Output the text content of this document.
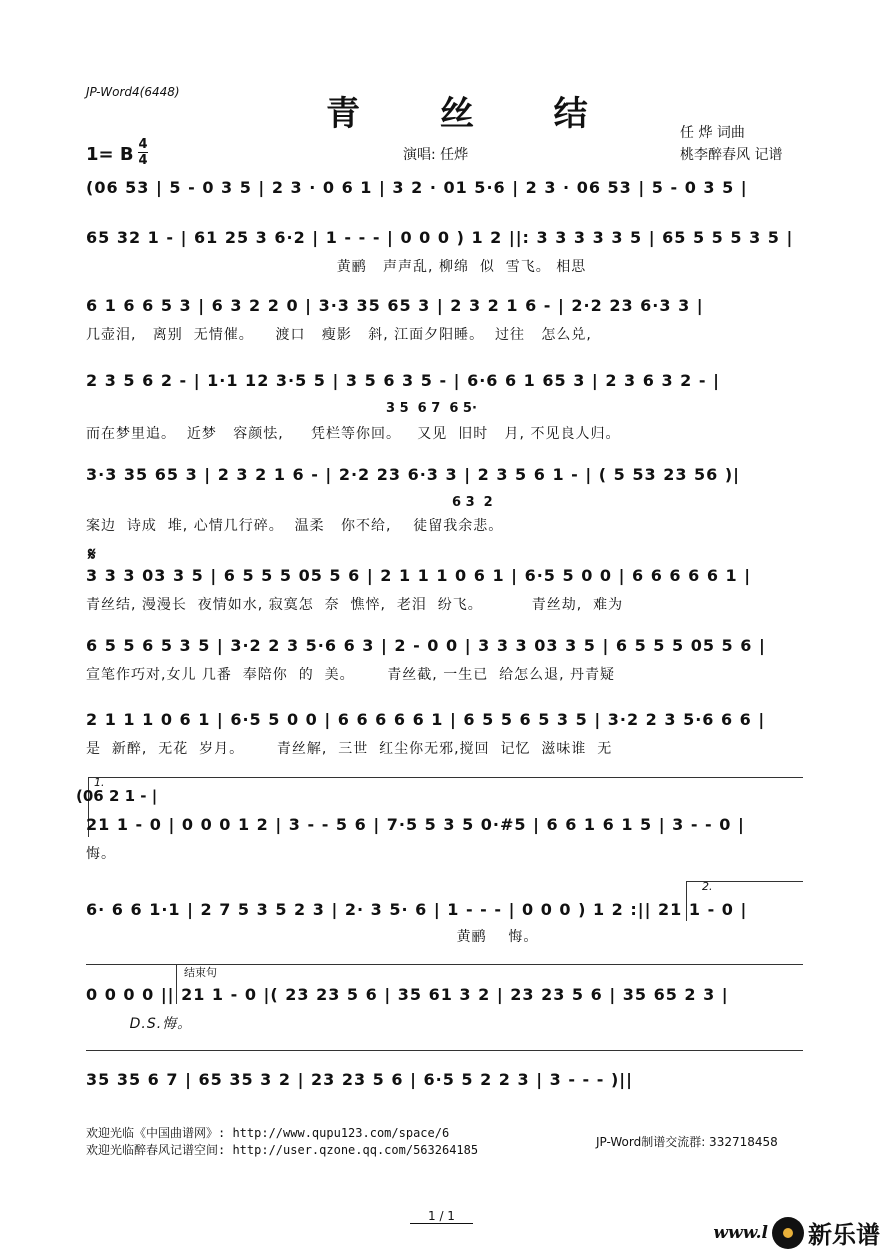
JP-Word4(6448)
青 丝 结	任 烨 词曲
1= B 4
4	演唱: 任烨	桃李醉春风 记谱
(06 53 | 5 - 0 3 5 | 2 3 · 0 6 1 | 3 2 · 01 5·6 | 2 3 · 06 53 | 5 - 0 3 5 |
65 32 1 - | 61 25 3 6·2 | 1 - - - | 0 0 0 ) 1 2 ||: 3 3 3 3 3 5 | 65 5 5 5 3 5 |
黄鹂   声声乱, 柳绵  似  雪飞。 相思
6 1 6 6 5 3 | 6 3 2 2 0 | 3·3 35 65 3 | 2 3 2 1 6 - | 2·2 23 6·3 3 |
几壶泪,   离别  无情催。    渡口   瘦影   斜, 江面夕阳睡。  过往   怎么兑,
2 3 5 6 2 - | 1·1 12 3·5 5 | 3 5 6 3 5 - | 6·6 6 1 65 3 | 2 3 6 3 2 - |
3 5  6 7  6 5·
而在梦里追。  近梦   容颜怯,     凭栏等你回。   又见  旧时   月, 不见良人归。
3·3 35 65 3 | 2 3 2 1 6 - | 2·2 23 6·3 3 | 2 3 5 6 1 - | ( 5 53 23 56 )|
6 3  2
案边  诗成  堆, 心情几行碎。  温柔   你不给,    徒留我余悲。
𝄋
3 3 3 03 3 5 | 6 5 5 5 05 5 6 | 2 1 1 1 0 6 1 | 6·5 5 0 0 | 6 6 6 6 6 1 |
青丝结, 漫漫长  夜情如水, 寂寞怎  奈  憔悴,  老泪  纷飞。         青丝劫,  难为
6 5 5 6 5 3 5 | 3·2 2 3 5·6 6 3 | 2 - 0 0 | 3 3 3 03 3 5 | 6 5 5 5 05 5 6 |
宣笔作巧对,女儿 几番  奉陪你  的  美。      青丝截, 一生已  给怎么退, 丹青疑
2 1 1 1 0 6 1 | 6·5 5 0 0 | 6 6 6 6 6 1 | 6 5 5 6 5 3 5 | 3·2 2 3 5·6 6 6 |
是  新醉,  无花  岁月。      青丝解,  三世  红尘你无邪,搅回  记忆  滋味谁  无
1.
(06 2 1 - |
21 1 - 0 | 0 0 0 1 2 | 3 - - 5 6 | 7·5 5 3 5 0·#5 | 6 6 1 6 1 5 | 3 - - 0 |
悔。
2.
6· 6 6 1·1 | 2 7 5 3 5 2 3 | 2· 3 5· 6 | 1 - - - | 0 0 0 ) 1 2 :|| 21 1 - 0 |
黄鹂    悔。
结束句
0 0 0 0 || 21 1 - 0 |( 23 23 5 6 | 35 61 3 2 | 23 23 5 6 | 35 65 2 3 |
D.S.悔。
35 35 6 7 | 65 35 3 2 | 23 23 5 6 | 6·5 5 2 2 3 | 3 - - - )||
欢迎光临《中国曲谱网》: http://www.qupu123.com/space/6
欢迎光临醉春风记谱空间: http://user.qzone.qq.com/563264185
JP-Word制谱交流群: 332718458
1 / 1
www.l 新乐谱
